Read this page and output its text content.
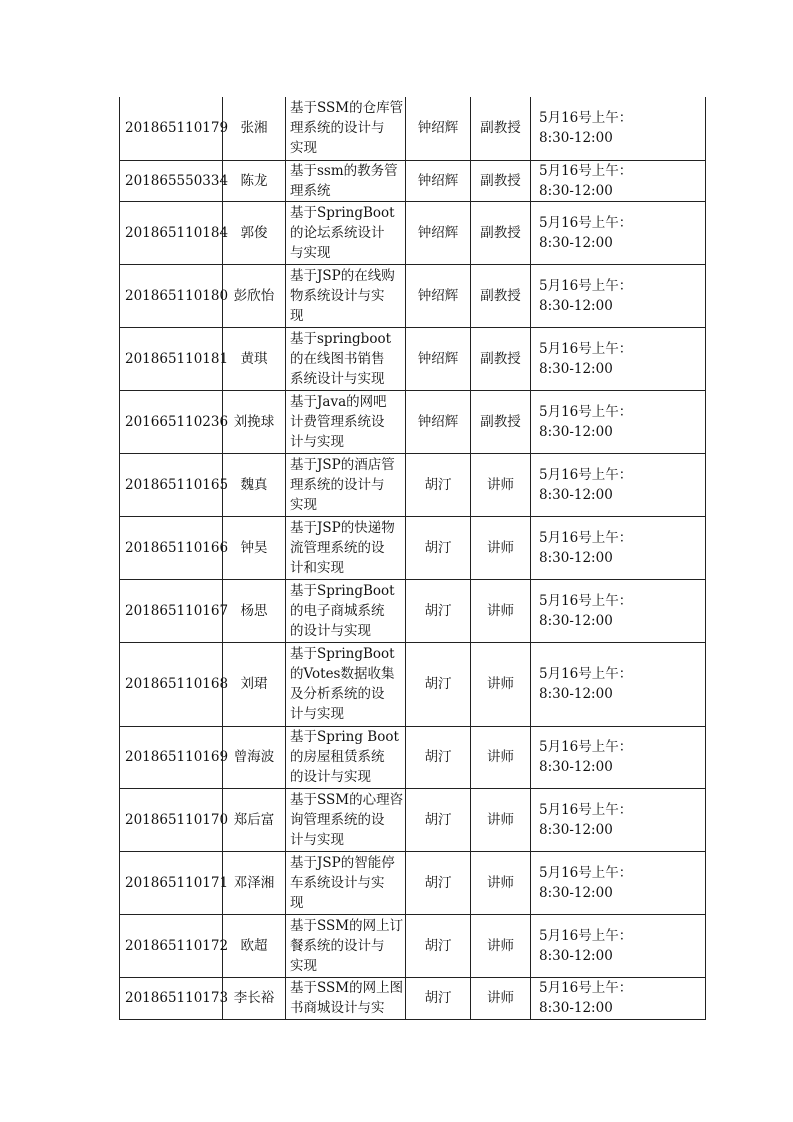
201865110179	张湘	基于SSM的仓库管
理系统的设计与
实现	钟绍辉	副教授	5月16号上午：
8:30-12:00

201865550334	陈龙	基于ssm的教务管
理系统	钟绍辉	副教授	5月16号上午：
8:30-12:00

201865110184	郭俊	基于SpringBoot
的论坛系统设计
与实现	钟绍辉	副教授	5月16号上午：
8:30-12:00

201865110180	彭欣怡	基于JSP的在线购
物系统设计与实
现	钟绍辉	副教授	5月16号上午：
8:30-12:00

201865110181	黄琪	基于springboot
的在线图书销售
系统设计与实现	钟绍辉	副教授	5月16号上午：
8:30-12:00

201665110236	刘挽球	基于Java的网吧
计费管理系统设
计与实现	钟绍辉	副教授	5月16号上午：
8:30-12:00

201865110165	魏真	基于JSP的酒店管
理系统的设计与
实现	胡汀	讲师	5月16号上午：
8:30-12:00

201865110166	钟昊	基于JSP的快递物
流管理系统的设
计和实现	胡汀	讲师	5月16号上午：
8:30-12:00

201865110167	杨思	基于SpringBoot
的电子商城系统
的设计与实现	胡汀	讲师	5月16号上午：
8:30-12:00

201865110168	刘珺	基于SpringBoot
的Votes数据收集
及分析系统的设
计与实现	胡汀	讲师	5月16号上午：
8:30-12:00

201865110169	曾海波	基于Spring Boot
的房屋租赁系统
的设计与实现	胡汀	讲师	5月16号上午：
8:30-12:00

201865110170	郑后富	基于SSM的心理咨
询管理系统的设
计与实现	胡汀	讲师	5月16号上午：
8:30-12:00

201865110171	邓泽湘	基于JSP的智能停
车系统设计与实
现	胡汀	讲师	5月16号上午：
8:30-12:00

201865110172	欧超	基于SSM的网上订
餐系统的设计与
实现	胡汀	讲师	5月16号上午：
8:30-12:00

201865110173	李长裕	基于SSM的网上图
书商城设计与实	胡汀	讲师	5月16号上午：
8:30-12:00
